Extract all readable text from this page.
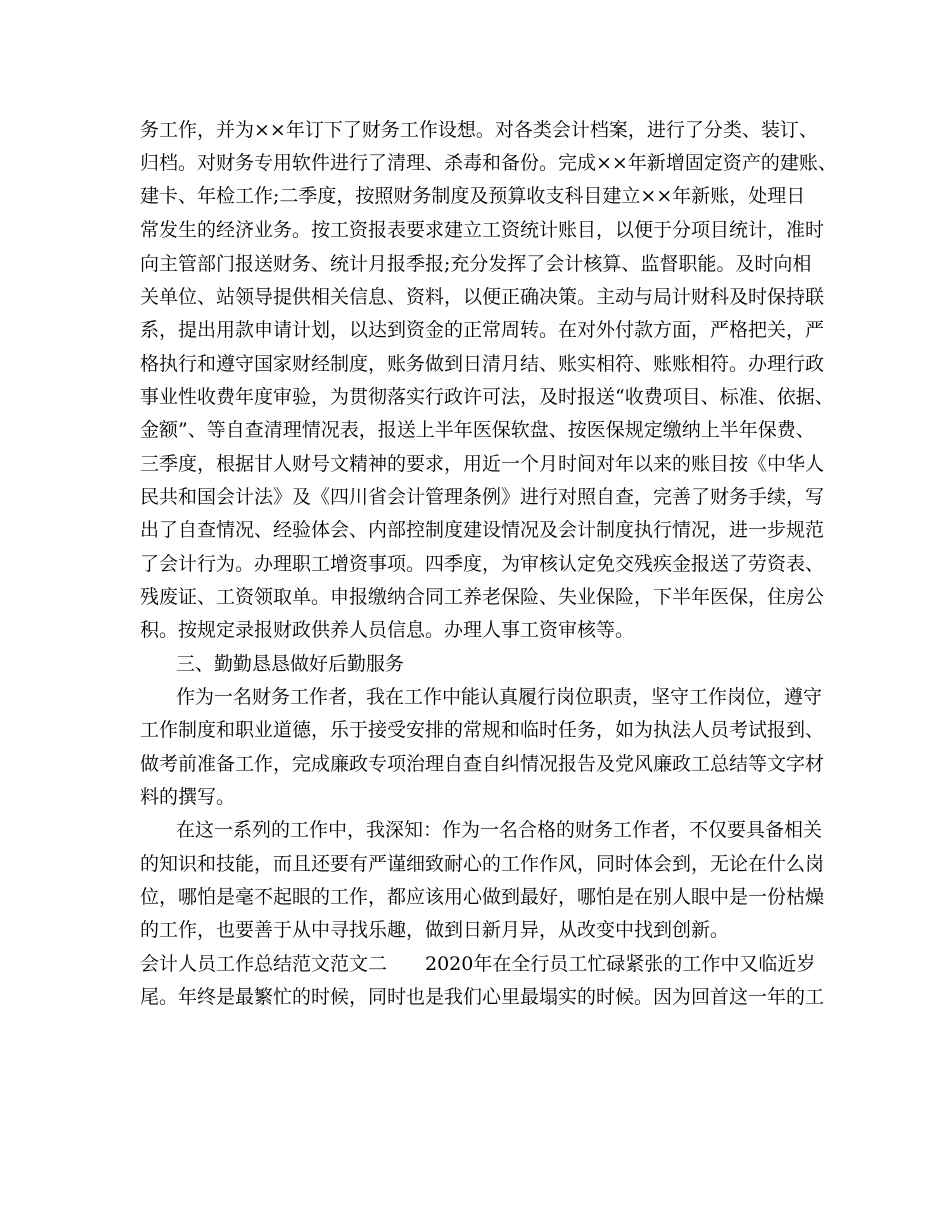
务工作，并为××年订下了财务工作设想。对各类会计档案，进行了分类、装订、
归档。对财务专用软件进行了清理、杀毒和备份。完成××年新增固定资产的建账、
建卡、年检工作;二季度，按照财务制度及预算收支科目建立××年新账，处理日
常发生的经济业务。按工资报表要求建立工资统计账目，以便于分项目统计，准时
向主管部门报送财务、统计月报季报;充分发挥了会计核算、监督职能。及时向相
关单位、站领导提供相关信息、资料，以便正确决策。主动与局计财科及时保持联
系，提出用款申请计划，以达到资金的正常周转。在对外付款方面，严格把关，严
格执行和遵守国家财经制度，账务做到日清月结、账实相符、账账相符。办理行政
事业性收费年度审验，为贯彻落实行政许可法，及时报送“收费项目、标准、依据、
金额”、等自查清理情况表，报送上半年医保软盘、按医保规定缴纳上半年保费、
三季度，根据甘人财号文精神的要求，用近一个月时间对年以来的账目按《中华人
民共和国会计法》及《四川省会计管理条例》进行对照自查，完善了财务手续，写
出了自查情况、经验体会、内部控制度建设情况及会计制度执行情况，进一步规范
了会计行为。办理职工增资事项。四季度，为审核认定免交残疾金报送了劳资表、
残废证、工资领取单。申报缴纳合同工养老保险、失业保险，下半年医保，住房公
积。按规定录报财政供养人员信息。办理人事工资审核等。
三、勤勤恳恳做好后勤服务
作为一名财务工作者，我在工作中能认真履行岗位职责，坚守工作岗位，遵守
工作制度和职业道德，乐于接受安排的常规和临时任务，如为执法人员考试报到、
做考前准备工作，完成廉政专项治理自查自纠情况报告及党风廉政工总结等文字材
料的撰写。
在这一系列的工作中，我深知：作为一名合格的财务工作者，不仅要具备相关
的知识和技能，而且还要有严谨细致耐心的工作作风，同时体会到，无论在什么岗
位，哪怕是毫不起眼的工作，都应该用心做到最好，哪怕是在别人眼中是一份枯燥
的工作，也要善于从中寻找乐趣，做到日新月异，从改变中找到创新。
会计人员工作总结范文范文二　　2020年在全行员工忙碌紧张的工作中又临近岁
尾。年终是最繁忙的时候，同时也是我们心里最塌实的时候。因为回首这一年的工
